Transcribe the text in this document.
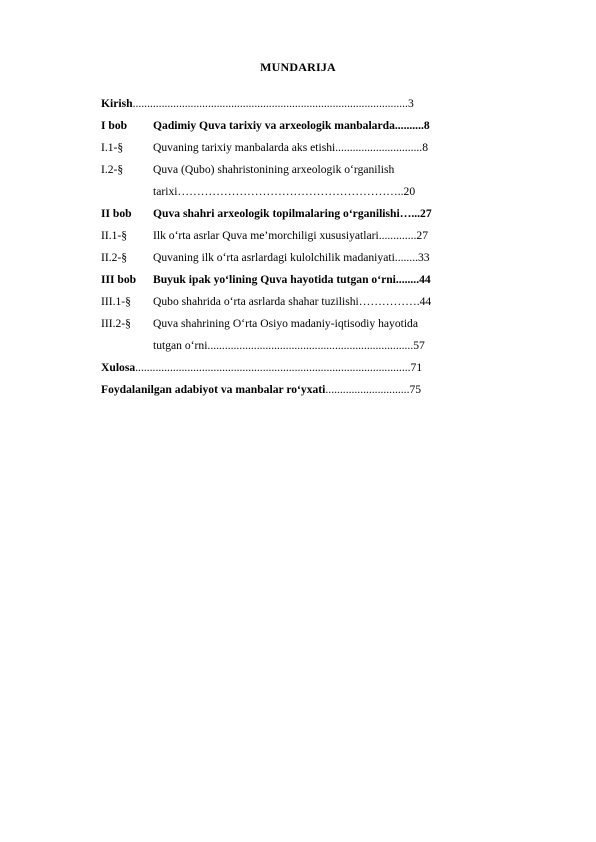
MUNDARIJA
Kirish...............................................................................................3
I bob	Qadimiy Quva tarixiy va arxeologik manbalarda..........8
I.1-§	Quvaning tarixiy manbalarda aks etishi..............................8
I.2-§	Quva (Qubo) shahristonining arxeologik o‘rganilish
tarixi…………………………………………………..20
II bob	Quva shahri arxeologik topilmalaring o‘rganilishi…...27
II.1-§	Ilk o‘rta asrlar Quva me’morchiligi xususiyatlari.............27
II.2-§	Quvaning ilk o‘rta asrlardagi kulolchilik madaniyati........33
III bob	Buyuk ipak yo‘lining Quva hayotida tutgan o‘rni........44
III.1-§	Qubo shahrida o‘rta asrlarda shahar tuzilishi…………….44
III.2-§	Quva shahrining O‘rta Osiyo madaniy-iqtisodiy hayotida
tutgan o‘rni.......................................................................57
Xulosa...............................................................................................71
Foydalanilgan adabiyot va manbalar ro‘yxati.............................75
